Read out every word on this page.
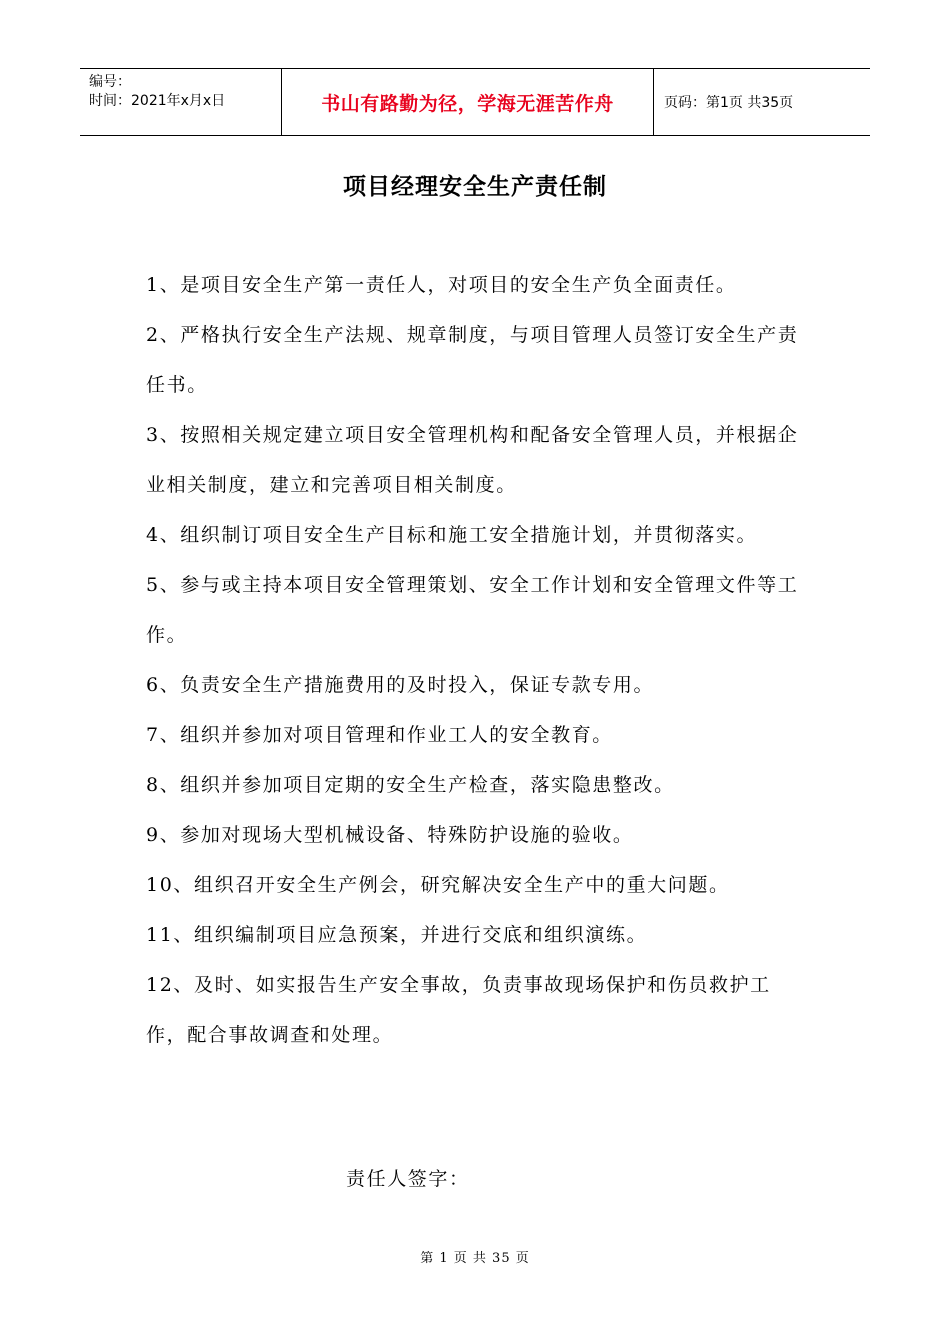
编号：
时间：2021年x月x日	书山有路勤为径，学海无涯苦作舟	页码：第1页 共35页
项目经理安全生产责任制

1、是项目安全生产第一责任人，对项目的安全生产负全面责任。

2、严格执行安全生产法规、规章制度，与项目管理人员签订安全生产责任书。

3、按照相关规定建立项目安全管理机构和配备安全管理人员，并根据企业相关制度，建立和完善项目相关制度。

4、组织制订项目安全生产目标和施工安全措施计划，并贯彻落实。

5、参与或主持本项目安全管理策划、安全工作计划和安全管理文件等工作。

6、负责安全生产措施费用的及时投入，保证专款专用。

7、组织并参加对项目管理和作业工人的安全教育。

8、组织并参加项目定期的安全生产检查，落实隐患整改。

9、参加对现场大型机械设备、特殊防护设施的验收。

10、组织召开安全生产例会，研究解决安全生产中的重大问题。

11、组织编制项目应急预案，并进行交底和组织演练。

12、及时、如实报告生产安全事故，负责事故现场保护和伤员救护工作，配合事故调查和处理。

责任人签字：
第 1 页 共 35 页
